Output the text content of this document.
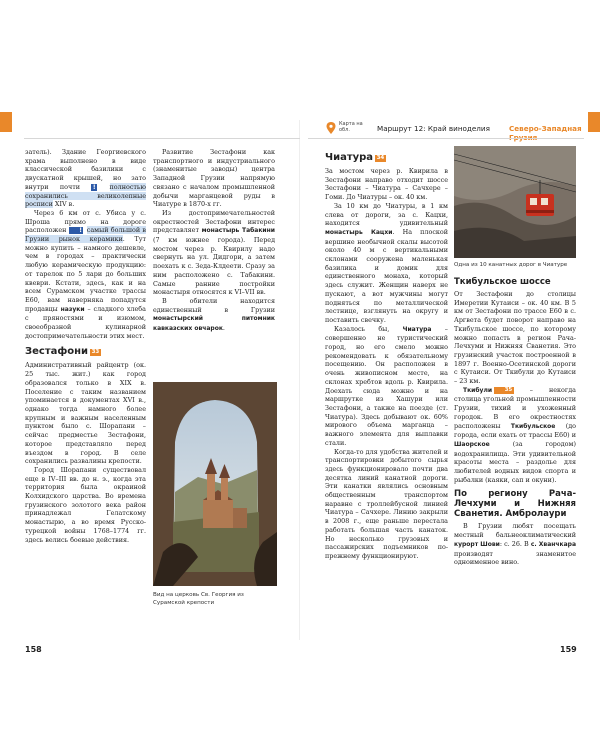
затель). Здание Георгиевского храма выполнено в виде классической базилики с двускатной крышей, но зато внутри почти ! полностью сохранились великолепные росписи XIV в.

Через 6 км от с. Убиса у с. Шроша прямо на дороге расположен ! самый большой в Грузии рынок керамики. Тут можно купить – намного дешевле, чем в городах – практически любую керамическую продукцию: от тарелок по 5 лари до больших квеври. Кстати, здесь, как и на всем Сурамском участке трассы Е60, вам наверняка попадутся продавцы назуки – сладкого хлеба с пряностями и изюмом, своеобразной кулинарной достопримечательности этих мест.

Зестафони 33

Административный райцентр (ок. 25 тыс. жит.) как город образовался только в XIX в. Поселение с таким названием упоминается в документах XVI в., однако тогда намного более крупным и важным населенным пунктом было с. Шорапани – сейчас предместье Зестафони, которое представляло перед въездом в город. В селе сохранились развалины крепости.

Город Шорапани существовал еще в IV–III вв. до н. э., когда эта территория была окраиной Колхидского царства. Во времена грузинского золотого века район принадлежал Гелатскому монастырю, а во время Русско-турецкой войны 1768–1774 гг. здесь велись боевые действия.

Развитие Зестафони как транспортного и индустриального (знаменитые заводы) центра Западной Грузии напрямую связано с началом промышленной добычи марганцевой руды в Чиатуре в 1870-х гг.

Из достопримечательностей окрестностей Зестафони интерес представляет монастырь Табакини (7 км южнее города). Перед мостом через р. Квирилу надо свернуть на ул. Дидгори, а затем поехать к с. Зеда-Клдеети. Сразу за ним расположено с. Табакини. Самые ранние постройки монастыря относятся к VI–VII вв.

В обители находится единственный в Грузии монастырский питомник кавказских овчарок.

Вид на церковь Св. Георгия из Сурамской крепости
158
Карта на обл.	Маршрут 12: Край виноделия	Северо-Западная
Чиатура 34

За мостом через р. Квирила в Зестафони направо отходит шоссе Зестафони – Чиатура – Сачхере – Гоми. До Чиатуры – ок. 40 км.

За 10 км до Чиатуры, в 1 км слева от дороги, за с. Кацхи, находится удивительный монастырь Кацхи. На плоской вершине необычной скалы высотой около 40 м с вертикальными склонами сооружена маленькая базилика и домик для единственного монаха, который здесь служит. Женщин наверх не пускают, а вот мужчины могут подняться по металлической лестнице, взглянуть на округу и поставить свечку.

Казалось бы, Чиатура – совершенно не туристический город, но его смело можно рекомендовать к обязательному посещению. Он расположен в очень живописном месте, на склонах хребтов вдоль р. Квирила. Доехать сюда можно и на маршрутке из Хашури или Зестафони, а также на поезде (ст. Чиатура). Здесь добывают ок. 60% мирового объема марганца – важного элемента для выплавки стали.

Когда-то для удобства жителей и транспортировки добытого сырья здесь функционировало почти два десятка линий канатной дороги. Эти канатки являлись основным общественным транспортом наравне с троллейбусной линией Чиатура – Сачхере. Линию закрыли в 2008 г., еще раньше перестала работать большая часть канаток. Но несколько грузовых и пассажирских подъемников по-прежнему функционируют.

Одна из 10 канатных дорог в Чиатуре
Ткибульское шоссе

От Зестафони до столицы Имеретии Кутаиси – ок. 40 км. В 5 км от Зестафони по трассе Е60 в с. Аргвета будет поворот направо на Ткибульское шоссе, по которому можно попасть в регион Рача-Лечхуми и Нижняя Сванетия. Это грузинский участок построенной в 1897 г. Военно-Осетинской дороги с Кутаиси. От Ткибули до Кутаиси – 23 км.

Ткибули 35	– некогда столица угольной промышленности Грузии, тихий и ухоженный городок. В его окрестностях расположены Ткибульское (до города, если ехать от трассы Е60) и Шаорское	(за городом) водохранилища. Эти удивительной красоты места – раздолье для любителей водных видов спорта и рыбалки (каяки, сап и окуни).

По региону Рача-Лечхуми и Нижняя Сванетия. Амбролаури

В Грузии любят посещать местный бальнеоклиматический курорт Шови: с. 26. В с. Хванчкара производят знаменитое одноименное вино.

159
